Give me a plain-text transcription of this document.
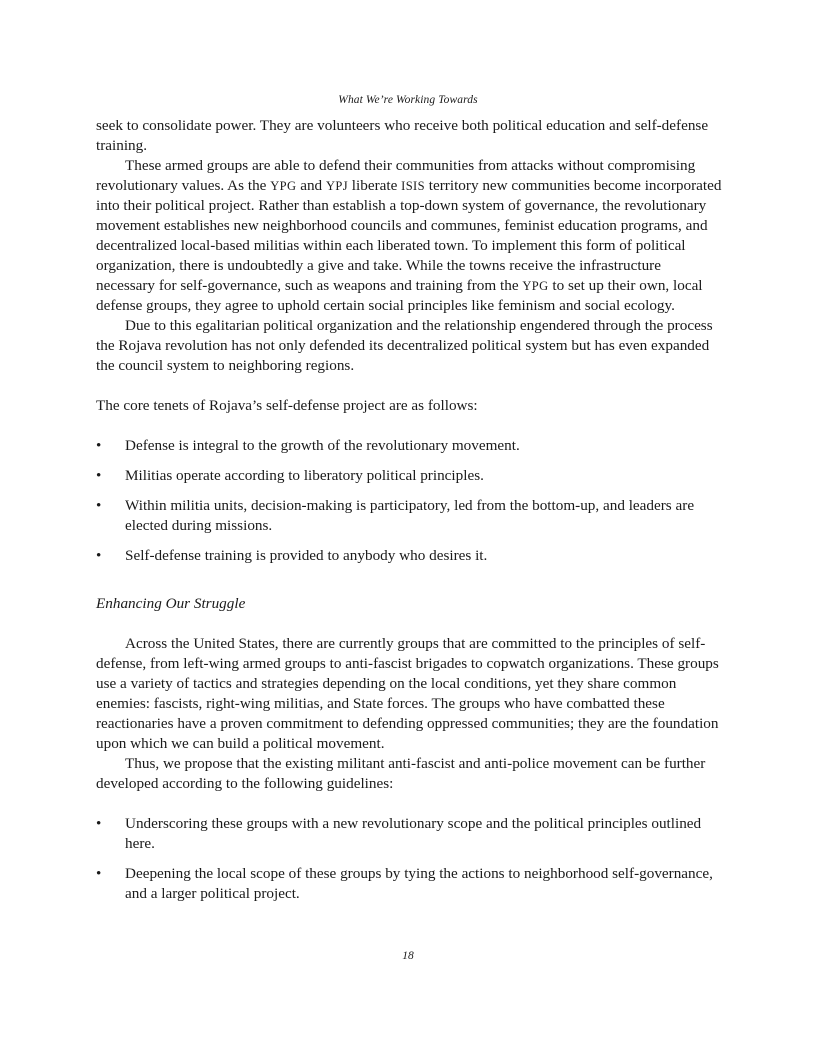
What We’re Working Towards

seek to consolidate power. They are volunteers who receive both political education and self-defense training.

These armed groups are able to defend their communities from attacks without compromising revolutionary values. As the YPG and YPJ liberate ISIS territory new communities become incorporated into their political project. Rather than establish a top-down system of governance, the revolutionary movement establishes new neighborhood councils and communes, feminist education programs, and decentralized local-based militias within each liberated town. To implement this form of political organization, there is undoubtedly a give and take. While the towns receive the infrastructure necessary for self-governance, such as weapons and training from the YPG to set up their own, local defense groups, they agree to uphold certain social principles like feminism and social ecology.

Due to this egalitarian political organization and the relationship engendered through the process the Rojava revolution has not only defended its decentralized political system but has even expanded the council system to neighboring regions.

The core tenets of Rojava’s self-defense project are as follows:

• Defense is integral to the growth of the revolutionary movement.
• Militias operate according to liberatory political principles.
• Within militia units, decision-making is participatory, led from the bottom-up, and leaders are elected during missions.
• Self-defense training is provided to anybody who desires it.

Enhancing Our Struggle

Across the United States, there are currently groups that are committed to the principles of self-defense, from left-wing armed groups to anti-fascist brigades to copwatch organizations. These groups use a variety of tactics and strategies depending on the local conditions, yet they share common enemies: fascists, right-wing militias, and State forces. The groups who have combatted these reactionaries have a proven commitment to defending oppressed communities; they are the foundation upon which we can build a political movement.

Thus, we propose that the existing militant anti-fascist and anti-police movement can be further developed according to the following guidelines:

• Underscoring these groups with a new revolutionary scope and the political principles outlined here.
• Deepening the local scope of these groups by tying the actions to neighborhood self-governance, and a larger political project.
18
